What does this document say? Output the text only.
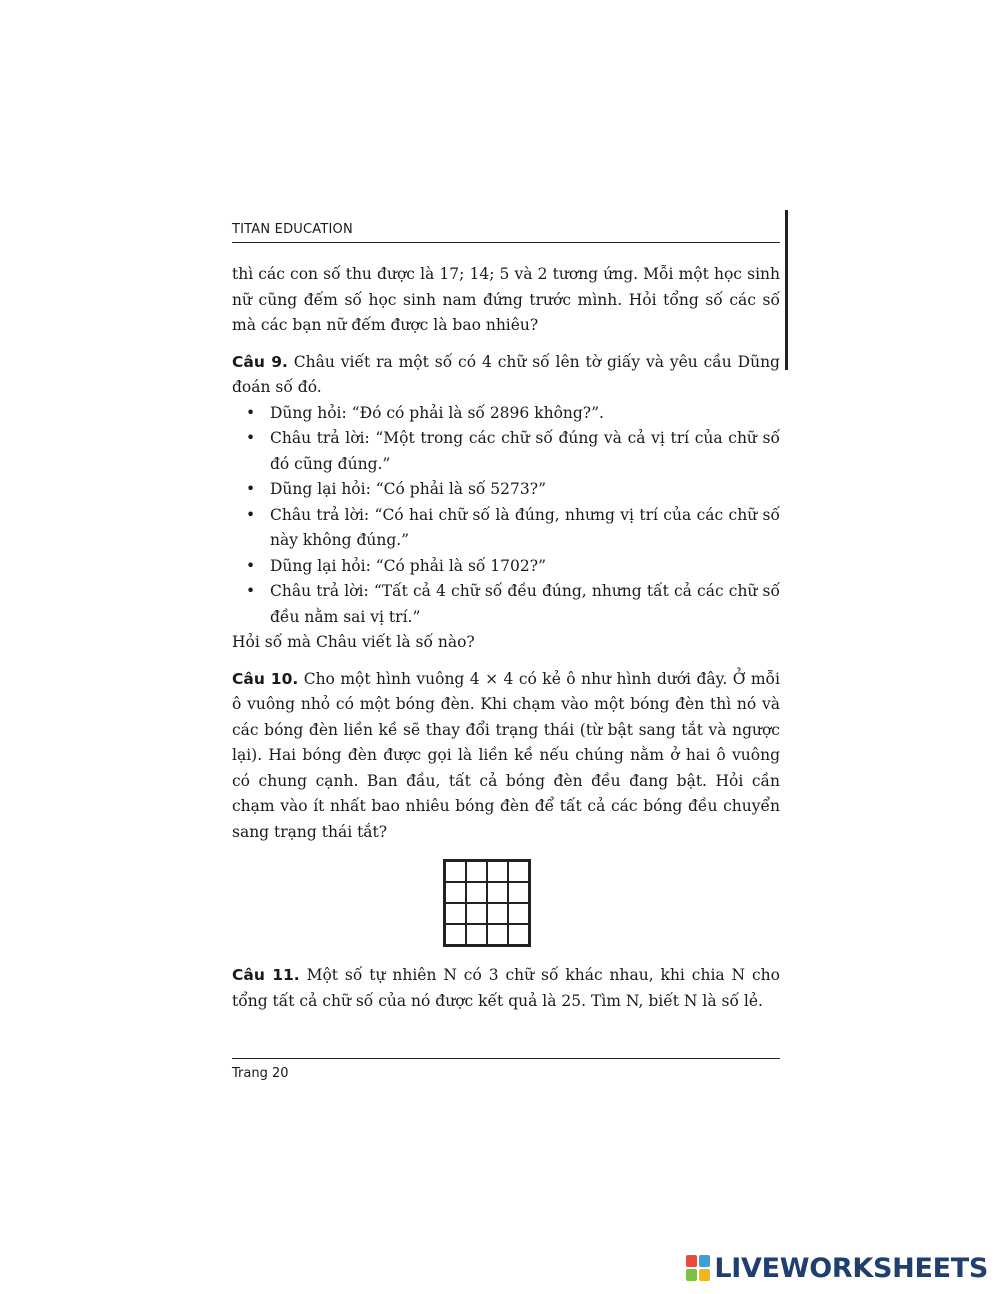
TITAN EDUCATION

thì các con số thu được là 17; 14; 5 và 2 tương ứng. Mỗi một học sinh nữ cũng đếm số học sinh nam đứng trước mình. Hỏi tổng số các số mà các bạn nữ đếm được là bao nhiêu?

Câu 9. Châu viết ra một số có 4 chữ số lên tờ giấy và yêu cầu Dũng đoán số đó.

• Dũng hỏi: “Đó có phải là số 2896 không?”.
• Châu trả lời: “Một trong các chữ số đúng và cả vị trí của chữ số đó cũng đúng.”
• Dũng lại hỏi: “Có phải là số 5273?”
• Châu trả lời: “Có hai chữ số là đúng, nhưng vị trí của các chữ số này không đúng.”
• Dũng lại hỏi: “Có phải là số 1702?”
• Châu trả lời: “Tất cả 4 chữ số đều đúng, nhưng tất cả các chữ số đều nằm sai vị trí.”

Hỏi số mà Châu viết là số nào?

Câu 10. Cho một hình vuông 4 × 4 có kẻ ô như hình dưới đây. Ở mỗi ô vuông nhỏ có một bóng đèn. Khi chạm vào một bóng đèn thì nó và các bóng đèn liền kề sẽ thay đổi trạng thái (từ bật sang tắt và ngược lại). Hai bóng đèn được gọi là liền kề nếu chúng nằm ở hai ô vuông có chung cạnh. Ban đầu, tất cả bóng đèn đều đang bật. Hỏi cần chạm vào ít nhất bao nhiêu bóng đèn để tất cả các bóng đều chuyển sang trạng thái tắt?

Câu 11. Một số tự nhiên N có 3 chữ số khác nhau, khi chia N cho tổng tất cả chữ số của nó được kết quả là 25. Tìm N, biết N là số lẻ.

Trang 20
LIVEWORKSHEETS
